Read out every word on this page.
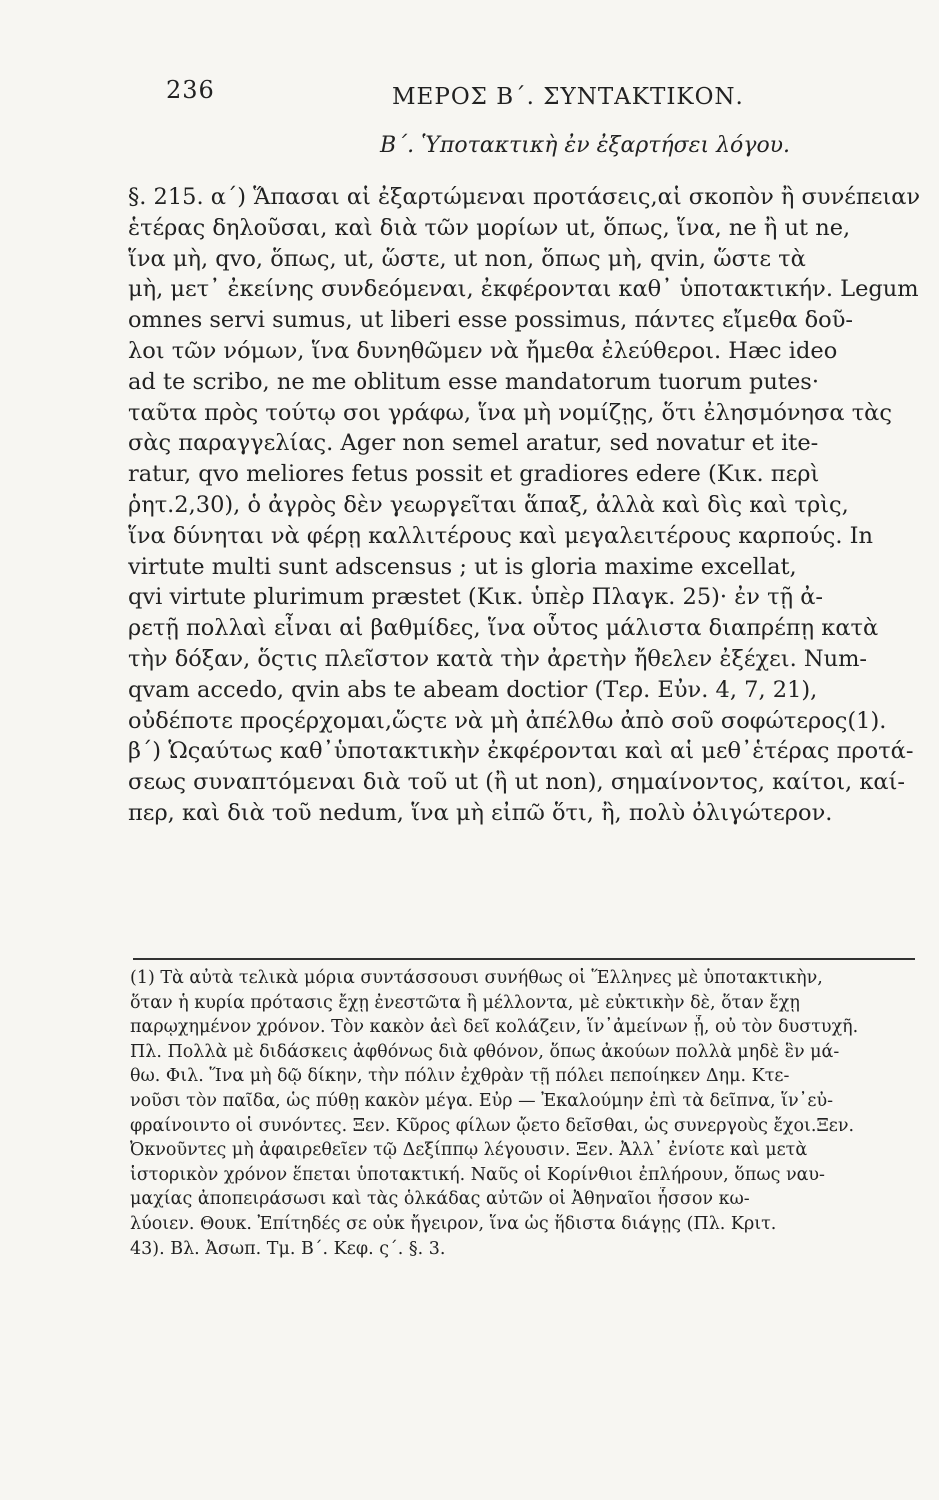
236	ΜΕΡΟΣ Β΄. ΣΥΝΤΑΚΤΙΚΟΝ.
Β΄. Ὑποτακτικὴ ἐν ἐξαρτήσει λόγου.
§. 215. α΄) Ἅπασαι αἱ ἐξαρτώμεναι προτάσεις,αἱ σκοπὸν ἢ συνέπειαν
ἑτέρας δηλοῦσαι, καὶ διὰ τῶν μορίων ut, ὅπως, ἵνα, ne ἢ ut ne,
ἵνα μὴ, qvo, ὅπως, ut, ὥστε, ut non, ὅπως μὴ, qvin, ὥστε τὰ
μὴ, μετ᾽ ἐκείνης συνδεόμεναι, ἐκφέρονται καθ᾽ ὑποτακτικήν. Legum
omnes servi sumus, ut liberi esse possimus, πάντες εἴμεθα δοῦ-
λοι τῶν νόμων, ἵνα δυνηθῶμεν νὰ ἤμεθα ἐλεύθεροι. Hæc ideo
ad te scribo, ne me oblitum esse mandatorum tuorum putes·
ταῦτα πρὸς τούτῳ σοι γράφω, ἵνα μὴ νομίζῃς, ὅτι ἐλησμόνησα τὰς
σὰς παραγγελίας. Ager non semel aratur, sed novatur et ite-
ratur, qvo meliores fetus possit et gradiores edere (Κικ. περὶ
ῥητ.2,30), ὁ ἀγρὸς δὲν γεωργεῖται ἅπαξ, ἀλλὰ καὶ δὶς καὶ τρὶς,
ἵνα δύνηται νὰ φέρῃ καλλιτέρους καὶ μεγαλειτέρους καρπούς. In
virtute multi sunt adscensus ; ut is gloria maxime excellat,
qvi virtute plurimum præstet (Κικ. ὑπὲρ Πλαγκ. 25)· ἐν τῇ ἀ-
ρετῇ πολλαὶ εἶναι αἱ βαθμίδες, ἵνα οὗτος μάλιστα διαπρέπῃ κατὰ
τὴν δόξαν, ὅςτις πλεῖστον κατὰ τὴν ἀρετὴν ἤθελεν ἐξέχει. Num-
qvam accedo, qvin abs te abeam doctior (Τερ. Εὐν. 4, 7, 21),
οὐδέποτε προςέρχομαι,ὥςτε νὰ μὴ ἀπέλθω ἀπὸ σοῦ σοφώτερος(1).
β΄) Ὡςαύτως καθ᾽ὑποτακτικὴν ἐκφέρονται καὶ αἱ μεθ᾽ἑτέρας προτά-
σεως συναπτόμεναι διὰ τοῦ ut (ἢ ut non), σημαίνοντος, καίτοι, καί-
περ, καὶ διὰ τοῦ nedum, ἵνα μὴ εἰπῶ ὅτι, ἢ, πολὺ ὀλιγώτερον.
(1) Τὰ αὐτὰ τελικὰ μόρια συντάσσουσι συνήθως οἱ Ἕλληνες μὲ ὑποτακτικὴν,
ὅταν ἡ κυρία πρότασις ἔχῃ ἐνεστῶτα ἢ μέλλοντα, μὲ εὐκτικὴν δὲ, ὅταν ἔχῃ
παρῳχημένον χρόνον. Τὸν κακὸν ἀεὶ δεῖ κολάζειν, ἵν᾽ἀμείνων ᾖ, οὐ τὸν δυστυχῆ.
Πλ. Πολλὰ μὲ διδάσκεις ἀφθόνως διὰ φθόνον, ὅπως ἀκούων πολλὰ μηδὲ ἓν μά-
θω. Φιλ. Ἵνα μὴ δῷ δίκην, τὴν πόλιν ἐχθρὰν τῇ πόλει πεποίηκεν Δημ. Κτε-
νοῦσι τὸν παῖδα, ὡς πύθῃ κακὸν μέγα. Εὐρ — Ἐκαλούμην ἐπὶ τὰ δεῖπνα, ἵν᾽εὐ-
φραίνοιντο οἱ συνόντες. Ξεν. Κῦρος φίλων ᾤετο δεῖσθαι, ὡς συνεργοὺς ἔχοι.Ξεν.
Ὀκνοῦντες μὴ ἀφαιρεθεῖεν τῷ Δεξίππῳ λέγουσιν. Ξεν. Ἀλλ᾽ ἐνίοτε καὶ μετὰ
ἱστορικὸν χρόνον ἕπεται ὑποτακτική. Ναῦς οἱ Κορίνθιοι ἐπλήρουν, ὅπως ναυ-
μαχίας ἀποπειράσωσι καὶ τὰς ὁλκάδας αὐτῶν οἱ Ἀθηναῖοι ἧσσον κω-
λύοιεν. Θουκ. Ἐπίτηδές σε οὐκ ἤγειρον, ἵνα ὡς ἥδιστα διάγῃς (Πλ. Κριτ.
43). Βλ. Ἀσωπ. Τμ. Β΄. Κεφ. ς΄. §. 3.
